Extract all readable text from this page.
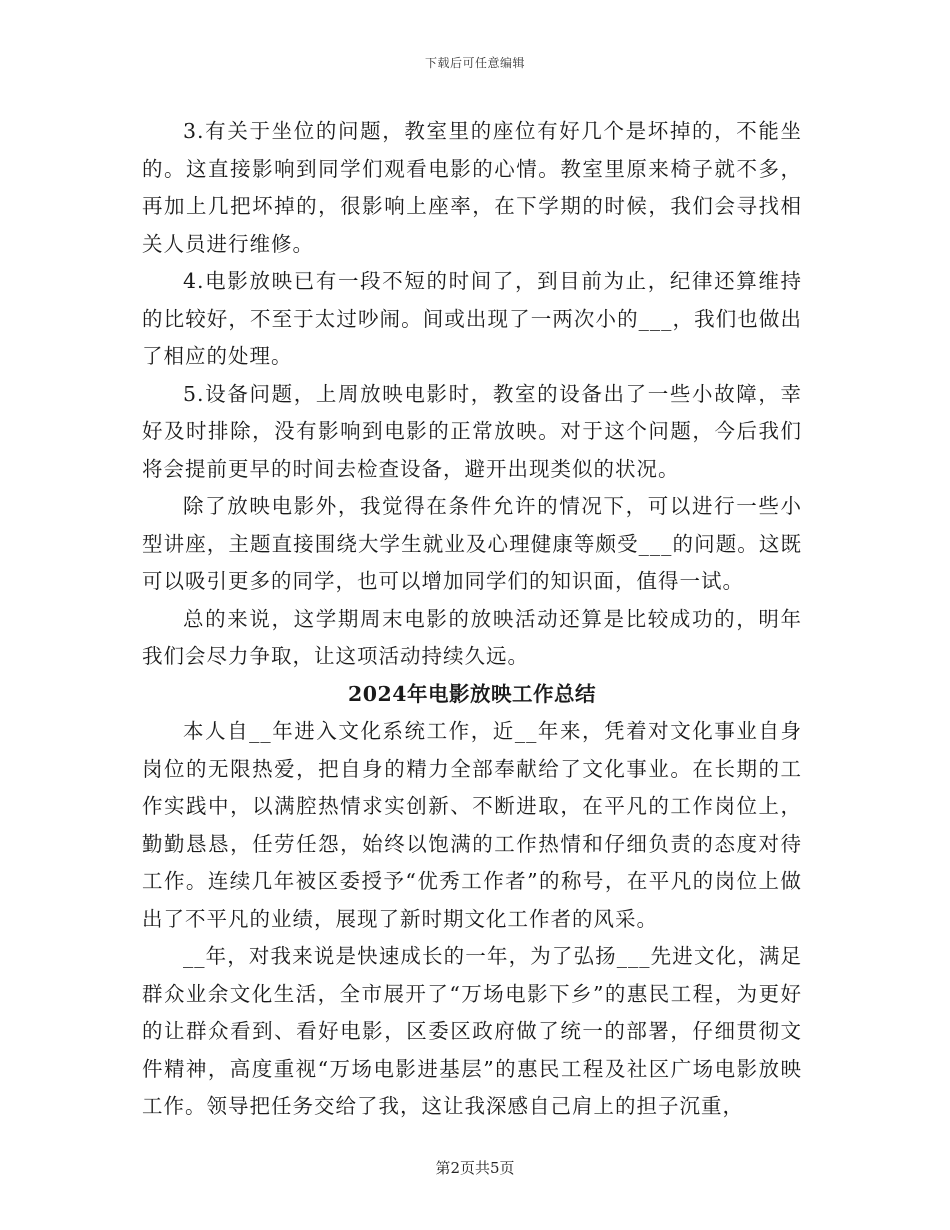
下载后可任意编辑

3.有关于坐位的问题，教室里的座位有好几个是坏掉的，不能坐的。这直接影响到同学们观看电影的心情。教室里原来椅子就不多，再加上几把坏掉的，很影响上座率，在下学期的时候，我们会寻找相关人员进行维修。

4.电影放映已有一段不短的时间了，到目前为止，纪律还算维持的比较好，不至于太过吵闹。间或出现了一两次小的___，我们也做出了相应的处理。

5.设备问题，上周放映电影时，教室的设备出了一些小故障，幸好及时排除，没有影响到电影的正常放映。对于这个问题，今后我们将会提前更早的时间去检查设备，避开出现类似的状况。

除了放映电影外，我觉得在条件允许的情况下，可以进行一些小型讲座，主题直接围绕大学生就业及心理健康等颇受___的问题。这既可以吸引更多的同学，也可以增加同学们的知识面，值得一试。

总的来说，这学期周末电影的放映活动还算是比较成功的，明年我们会尽力争取，让这项活动持续久远。

2024年电影放映工作总结

本人自__年进入文化系统工作，近__年来，凭着对文化事业自身岗位的无限热爱，把自身的精力全部奉献给了文化事业。在长期的工作实践中，以满腔热情求实创新、不断进取，在平凡的工作岗位上，勤勤恳恳，任劳任怨，始终以饱满的工作热情和仔细负责的态度对待工作。连续几年被区委授予“优秀工作者”的称号，在平凡的岗位上做出了不平凡的业绩，展现了新时期文化工作者的风采。

__年，对我来说是快速成长的一年，为了弘扬___先进文化，满足群众业余文化生活，全市展开了“万场电影下乡”的惠民工程，为更好的让群众看到、看好电影，区委区政府做了统一的部署，仔细贯彻文件精神，高度重视“万场电影进基层”的惠民工程及社区广场电影放映工作。领导把任务交给了我，这让我深感自己肩上的担子沉重，

第2页共5页
